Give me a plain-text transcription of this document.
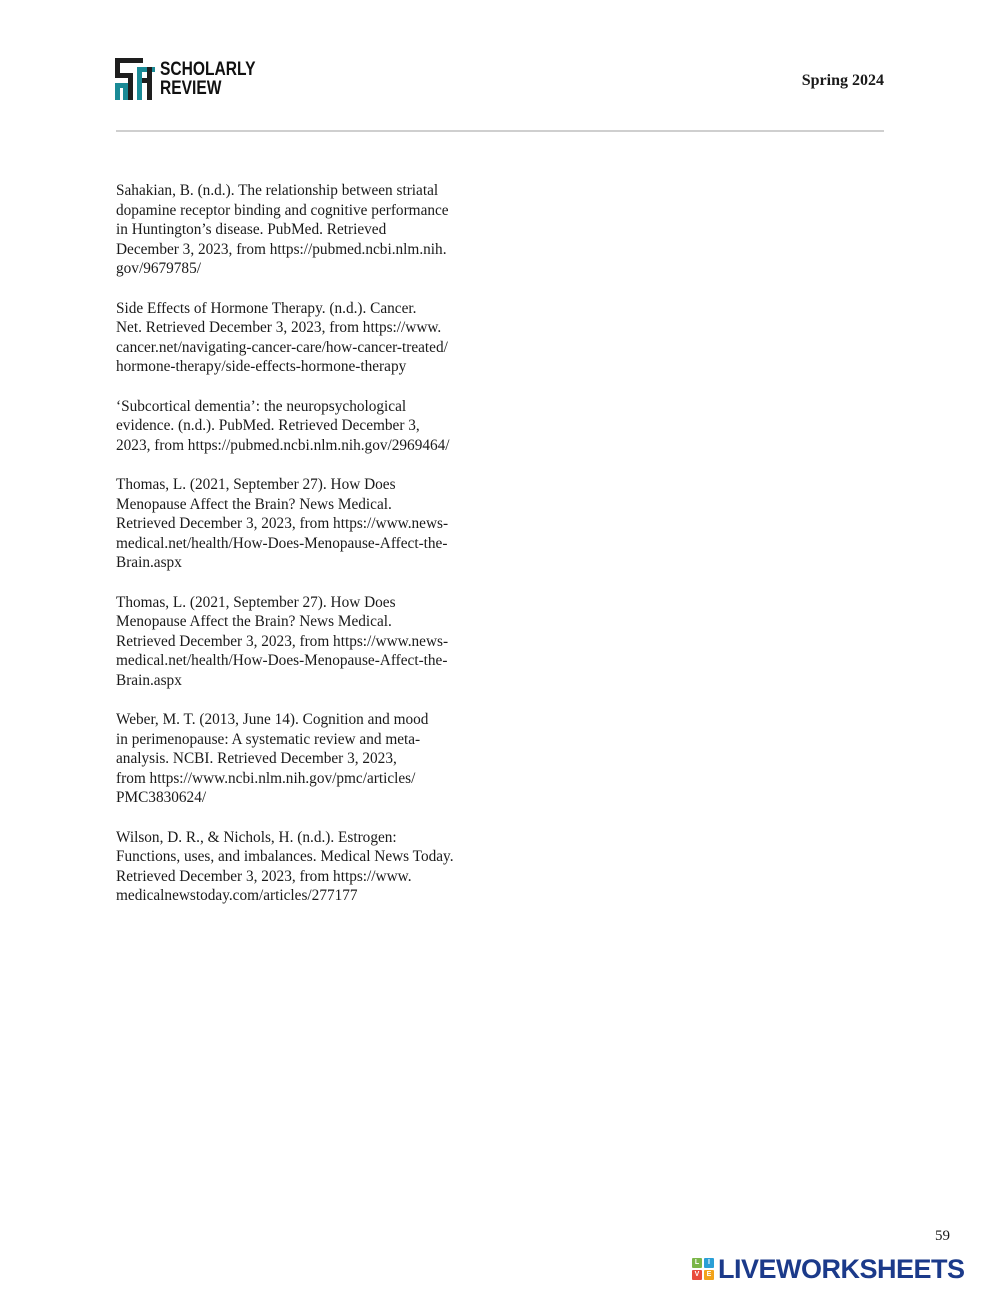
SCHOLARLY
REVIEW	Spring 2024
Sahakian, B. (n.d.). The relationship between striatal
dopamine receptor binding and cognitive performance
in Huntington’s disease. PubMed. Retrieved
December 3, 2023, from https://pubmed.ncbi.nlm.nih.
gov/9679785/
Side Effects of Hormone Therapy. (n.d.). Cancer.
Net. Retrieved December 3, 2023, from https://www.
cancer.net/navigating-cancer-care/how-cancer-treated/
hormone-therapy/side-effects-hormone-therapy
‘Subcortical dementia’: the neuropsychological
evidence. (n.d.). PubMed. Retrieved December 3,
2023, from https://pubmed.ncbi.nlm.nih.gov/2969464/
Thomas, L. (2021, September 27). How Does
Menopause Affect the Brain? News Medical.
Retrieved December 3, 2023, from https://www.news-
medical.net/health/How-Does-Menopause-Affect-the-
Brain.aspx
Thomas, L. (2021, September 27). How Does
Menopause Affect the Brain? News Medical.
Retrieved December 3, 2023, from https://www.news-
medical.net/health/How-Does-Menopause-Affect-the-
Brain.aspx
Weber, M. T. (2013, June 14). Cognition and mood
in perimenopause: A systematic review and meta-
analysis. NCBI. Retrieved December 3, 2023,
from https://www.ncbi.nlm.nih.gov/pmc/articles/
PMC3830624/
Wilson, D. R., & Nichols, H. (n.d.). Estrogen:
Functions, uses, and imbalances. Medical News Today.
Retrieved December 3, 2023, from https://www.
medicalnewstoday.com/articles/277177
59
L	I
V	E LIVEWORKSHEETS
